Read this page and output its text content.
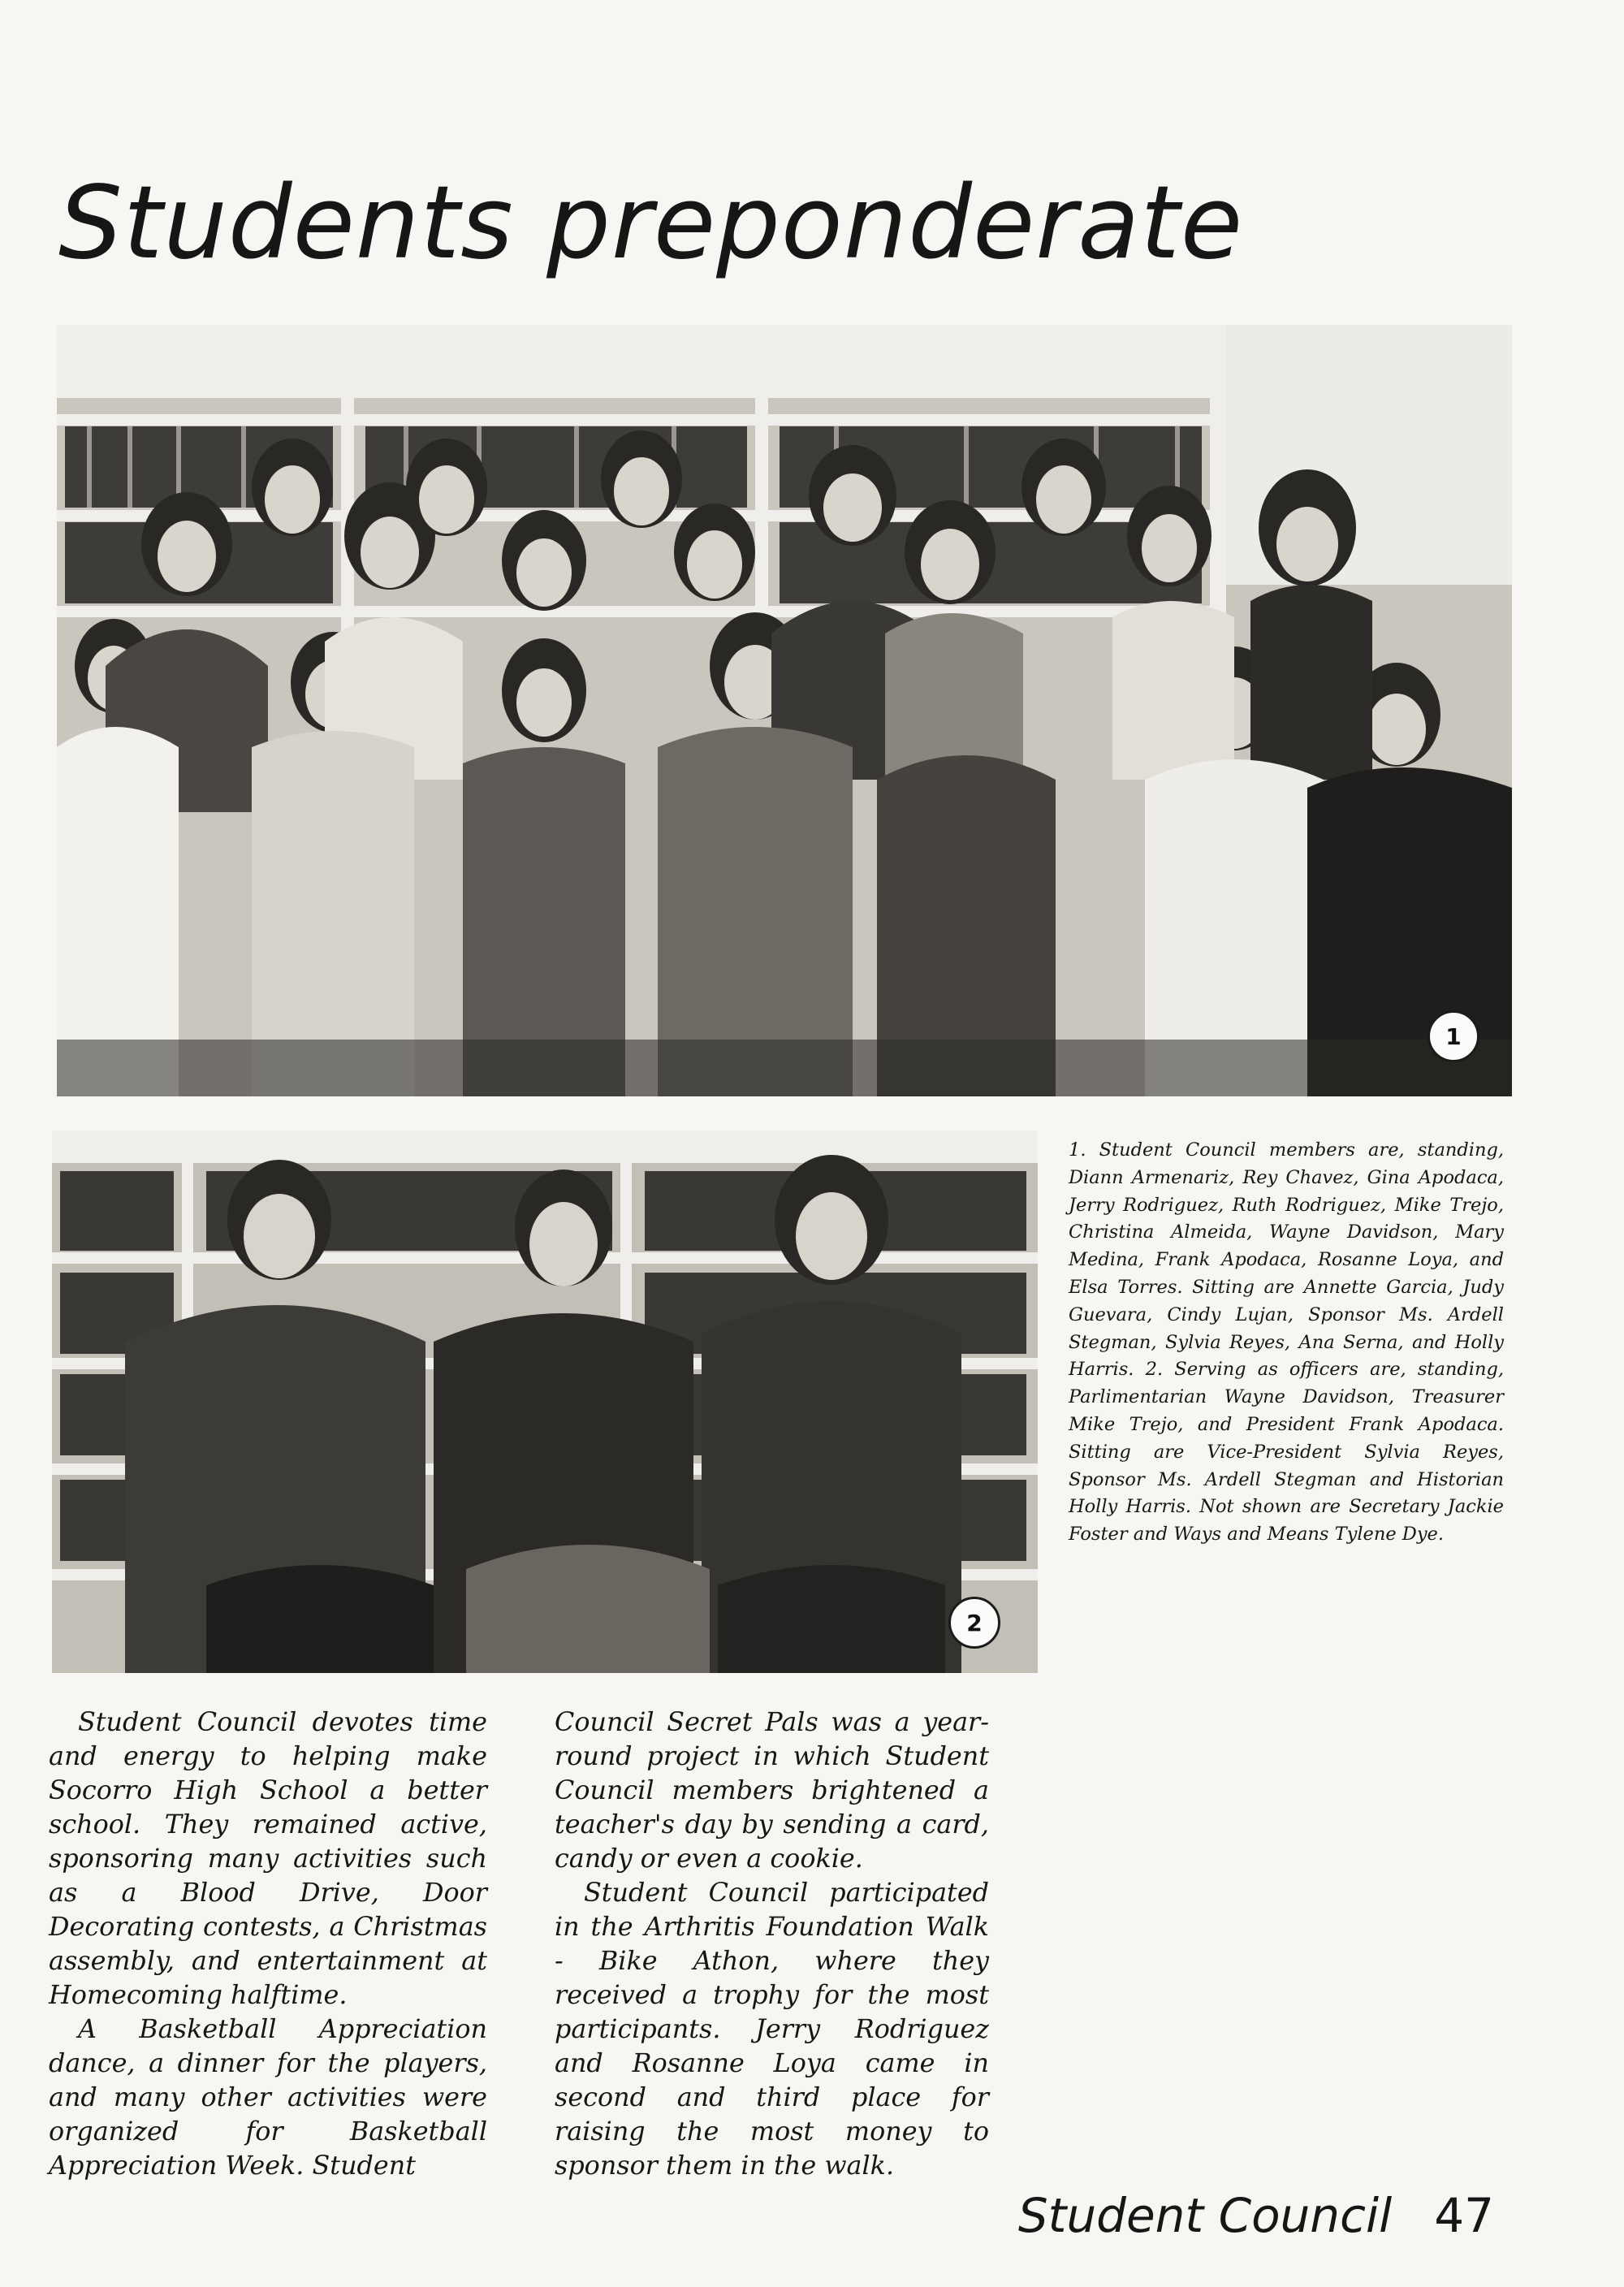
Students preponderate
1
2

1. Student Council members are, standing, Diann Armenariz, Rey Chavez, Gina Apodaca, Jerry Rodriguez, Ruth Rodriguez, Mike Trejo, Christina Almeida, Wayne Davidson, Mary Medina, Frank Apodaca, Rosanne Loya, and Elsa Torres. Sitting are Annette Garcia, Judy Guevara, Cindy Lujan, Sponsor Ms. Ardell Stegman, Sylvia Reyes, Ana Serna, and Holly Harris. 2. Serving as officers are, standing, Parlimentarian Wayne Davidson, Treasurer Mike Trejo, and President Frank Apodaca. Sitting are Vice-President Sylvia Reyes, Sponsor Ms. Ardell Stegman and Historian Holly Harris. Not shown are Secretary Jackie Foster and Ways and Means Tylene Dye.

Student Council devotes time and energy to helping make Socorro High School a better school. They remained active, sponsoring many activities such as a Blood Drive, Door Decorating contests, a Christmas assembly, and entertainment at Homecoming halftime.

A Basketball Appreciation dance, a dinner for the players, and many other activities were organized for Basketball Appreciation Week. Student

Council Secret Pals was a year-round project in which Student Council members brightened a teacher's day by sending a card, candy or even a cookie.

Student Council participated in the Arthritis Foundation Walk - Bike Athon, where they received a trophy for the most participants. Jerry Rodriguez and Rosanne Loya came in second and third place for raising the most money to sponsor them in the walk.

Student Council 47
